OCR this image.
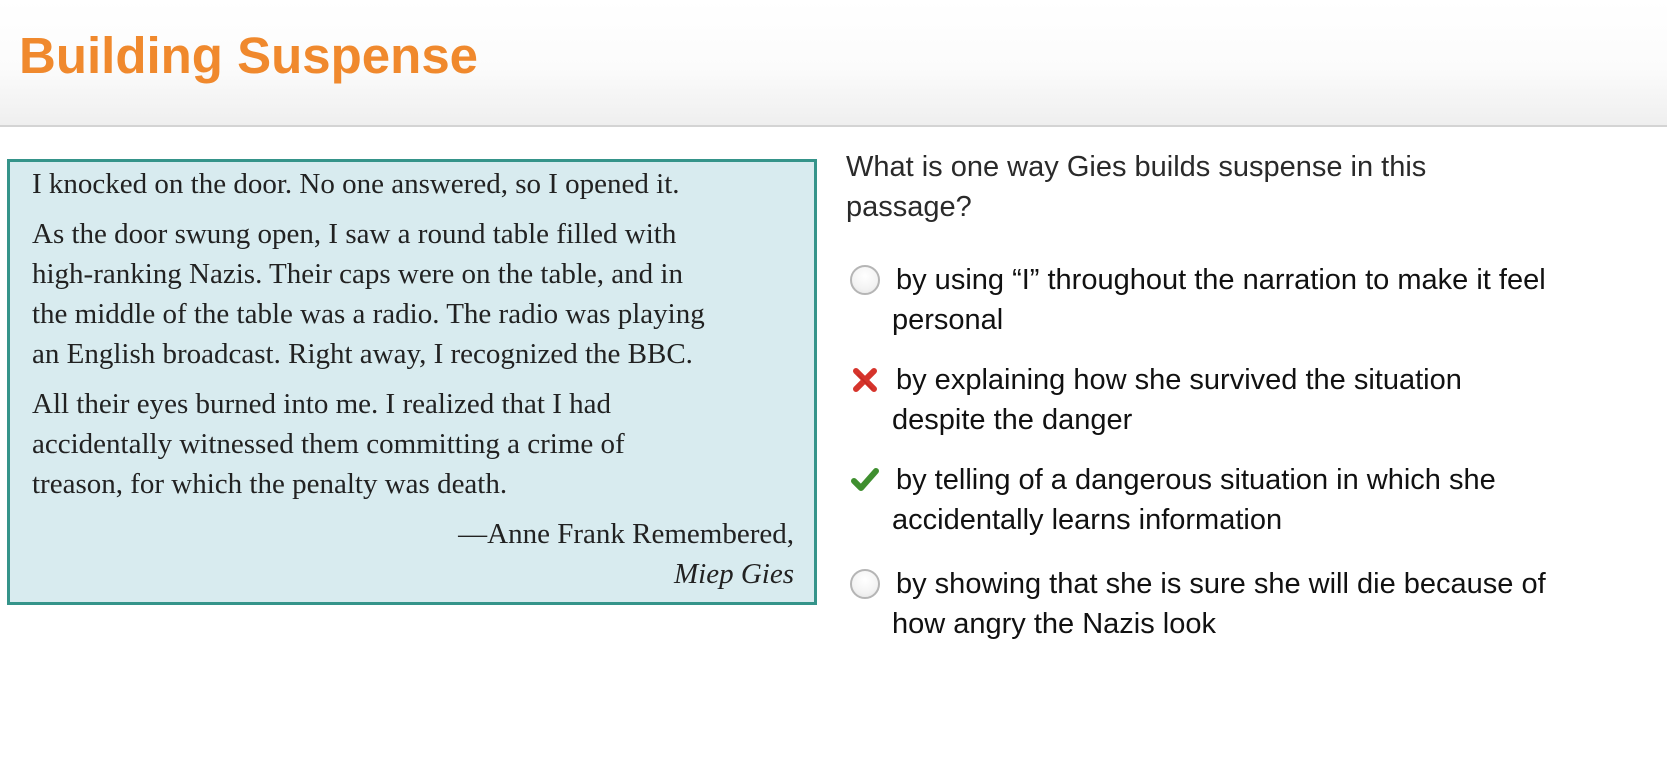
Building Suspense

I knocked on the door. No one answered, so I opened it.

As the door swung open, I saw a round table filled with
high-ranking Nazis. Their caps were on the table, and in
the middle of the table was a radio. The radio was playing
an English broadcast. Right away, I recognized the BBC.

All their eyes burned into me. I realized that I had
accidentally witnessed them committing a crime of
treason, for which the penalty was death.

—Anne Frank Remembered,
Miep Gies
What is one way Gies builds suspense in this
passage?
by using “I” throughout the narration to make it feel
personal
by explaining how she survived the situation
despite the danger
by telling of a dangerous situation in which she
accidentally learns information
by showing that she is sure she will die because of
how angry the Nazis look
